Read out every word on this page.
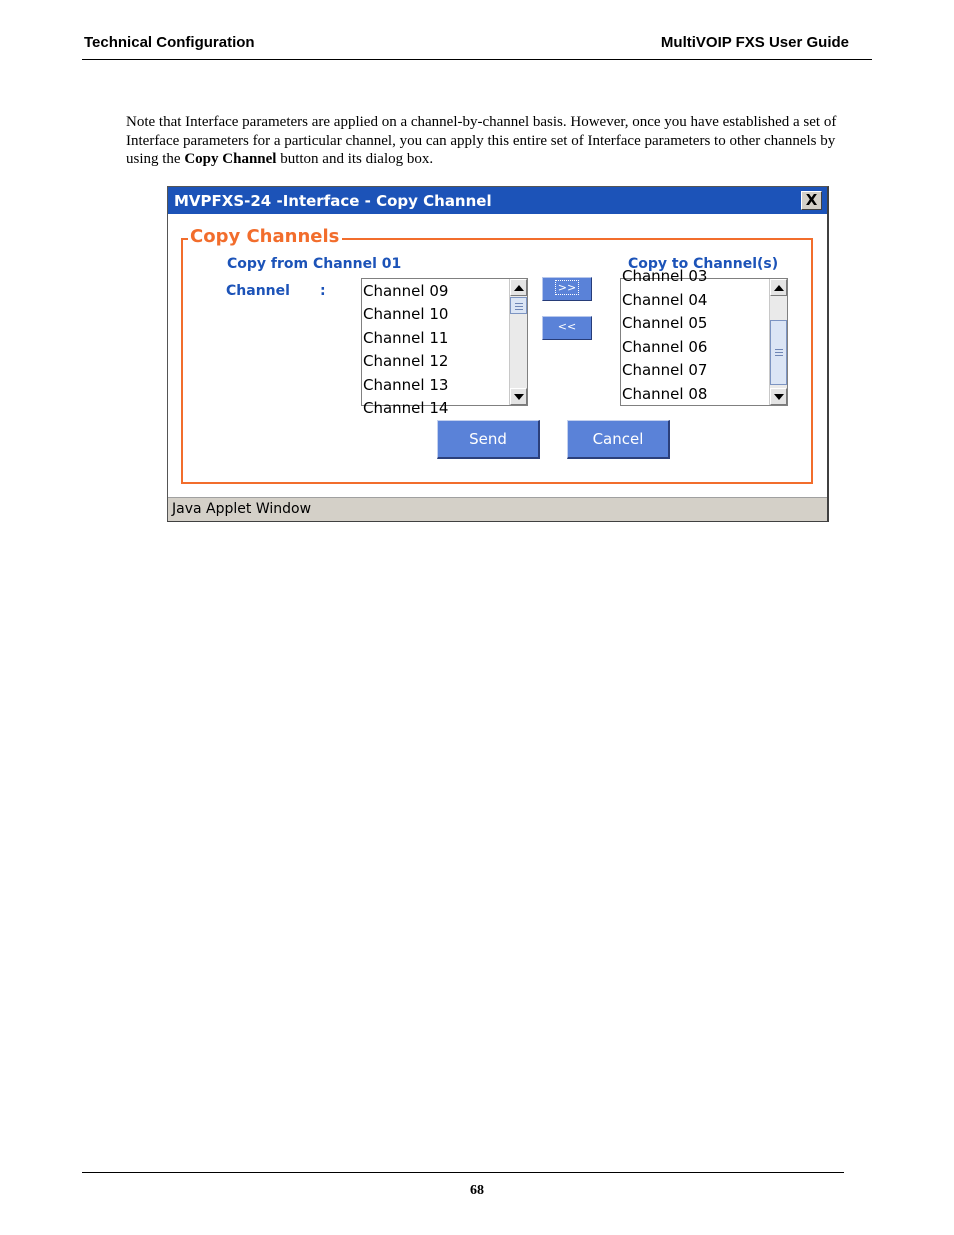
Technical Configuration	MultiVOIP FXS User Guide

Note that Interface parameters are applied on a channel-by-channel basis. However, once you have established a set of Interface parameters for a particular channel, you can apply this entire set of Interface parameters to other channels by using the Copy Channel button and its dialog box.

MVPFXS-24 -Interface - Copy Channel	X
Copy Channels
Copy from Channel 01
Channel :
Copy to Channel(s)
Channel 09
Channel 10
Channel 11
Channel 12
Channel 13
Channel 14
>>
<<
Channel 03
Channel 04
Channel 05
Channel 06
Channel 07
Channel 08
Send	Cancel
Java Applet Window
68
